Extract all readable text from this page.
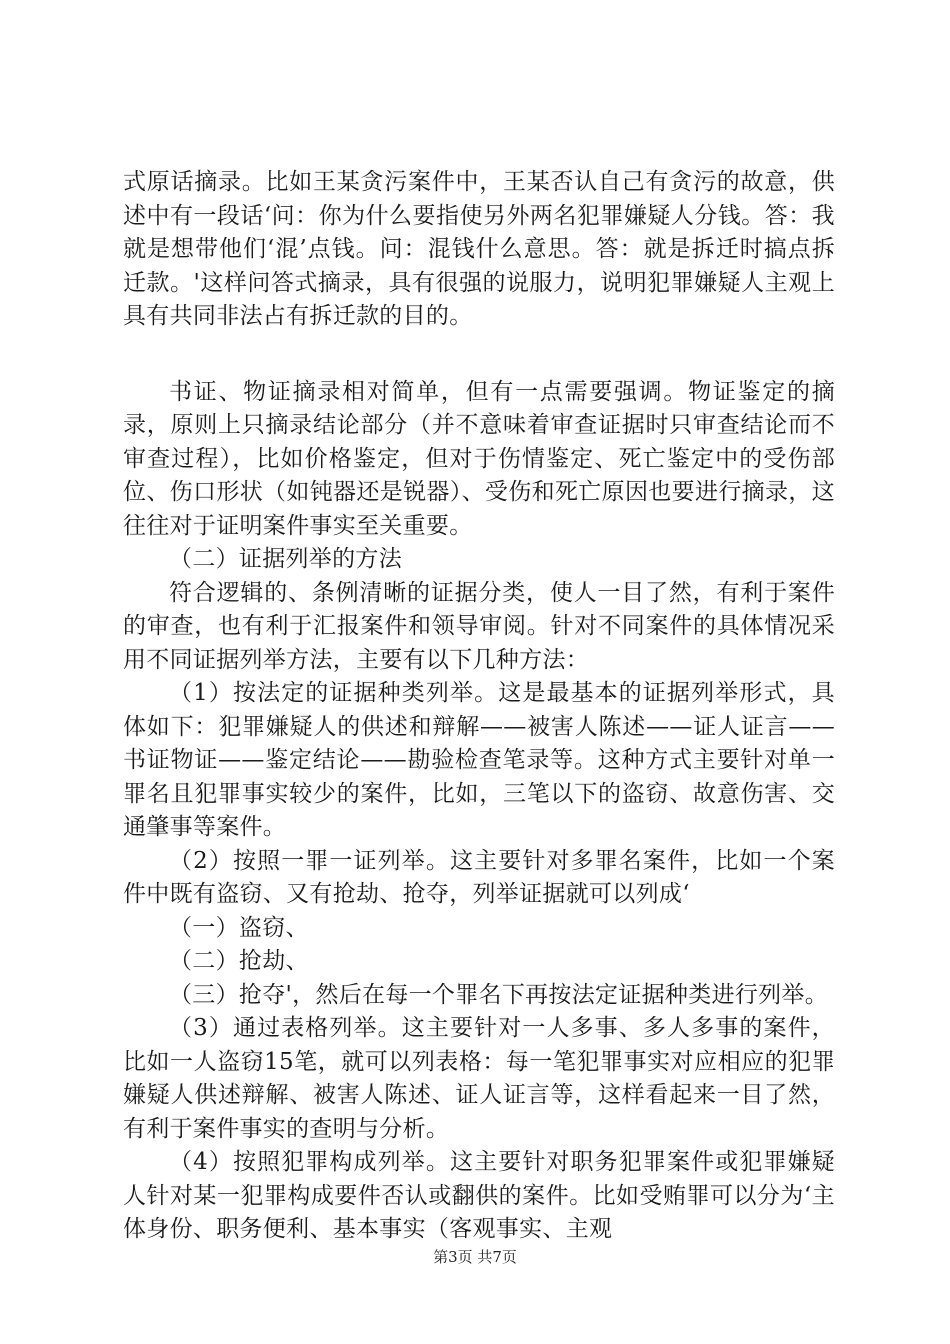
式原话摘录。比如王某贪污案件中，王某否认自己有贪污的故意，供述中有一段话‘问：你为什么要指使另外两名犯罪嫌疑人分钱。答：我就是想带他们‘混’点钱。问：混钱什么意思。答：就是拆迁时搞点拆迁款。'这样问答式摘录，具有很强的说服力，说明犯罪嫌疑人主观上具有共同非法占有拆迁款的目的。

书证、物证摘录相对简单，但有一点需要强调。物证鉴定的摘录，原则上只摘录结论部分（并不意味着审查证据时只审查结论而不审查过程），比如价格鉴定，但对于伤情鉴定、死亡鉴定中的受伤部位、伤口形状（如钝器还是锐器）、受伤和死亡原因也要进行摘录，这往往对于证明案件事实至关重要。

（二）证据列举的方法

符合逻辑的、条例清晰的证据分类，使人一目了然，有利于案件的审查，也有利于汇报案件和领导审阅。针对不同案件的具体情况采用不同证据列举方法，主要有以下几种方法：

（1）按法定的证据种类列举。这是最基本的证据列举形式，具体如下：犯罪嫌疑人的供述和辩解——被害人陈述——证人证言——书证物证——鉴定结论——勘验检查笔录等。这种方式主要针对单一罪名且犯罪事实较少的案件，比如，三笔以下的盗窃、故意伤害、交通肇事等案件。

（2）按照一罪一证列举。这主要针对多罪名案件，比如一个案件中既有盗窃、又有抢劫、抢夺，列举证据就可以列成‘

（一）盗窃、

（二）抢劫、

（三）抢夺'，然后在每一个罪名下再按法定证据种类进行列举。

（3）通过表格列举。这主要针对一人多事、多人多事的案件，比如一人盗窃15笔，就可以列表格：每一笔犯罪事实对应相应的犯罪嫌疑人供述辩解、被害人陈述、证人证言等，这样看起来一目了然，有利于案件事实的查明与分析。

（4）按照犯罪构成列举。这主要针对职务犯罪案件或犯罪嫌疑人针对某一犯罪构成要件否认或翻供的案件。比如受贿罪可以分为‘主体身份、职务便利、基本事实（客观事实、主观

第3页 共7页
